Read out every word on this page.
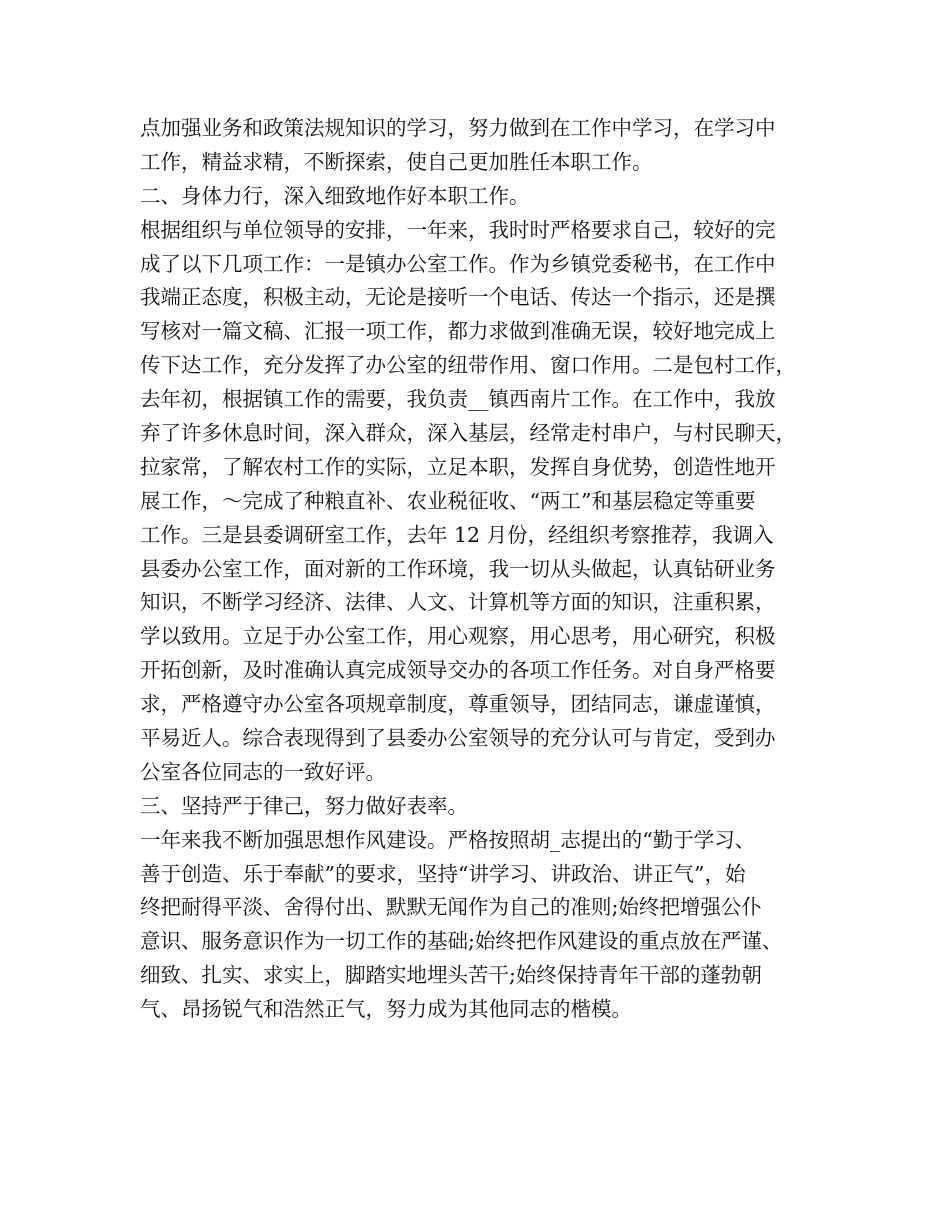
点加强业务和政策法规知识的学习，努力做到在工作中学习，在学习中
工作，精益求精，不断探索，使自己更加胜任本职工作。
二、身体力行，深入细致地作好本职工作。
根据组织与单位领导的安排，一年来，我时时严格要求自己，较好的完
成了以下几项工作：一是镇办公室工作。作为乡镇党委秘书，在工作中
我端正态度，积极主动，无论是接听一个电话、传达一个指示，还是撰
写核对一篇文稿、汇报一项工作，都力求做到准确无误，较好地完成上
传下达工作，充分发挥了办公室的纽带作用、窗口作用。二是包村工作，
去年初，根据镇工作的需要，我负责__镇西南片工作。在工作中，我放
弃了许多休息时间，深入群众，深入基层，经常走村串户，与村民聊天，
拉家常，了解农村工作的实际，立足本职，发挥自身优势，创造性地开
展工作，～完成了种粮直补、农业税征收、“两工”和基层稳定等重要
工作。三是县委调研室工作，去年 12 月份，经组织考察推荐，我调入
县委办公室工作，面对新的工作环境，我一切从头做起，认真钻研业务
知识，不断学习经济、法律、人文、计算机等方面的知识，注重积累，
学以致用。立足于办公室工作，用心观察，用心思考，用心研究，积极
开拓创新，及时准确认真完成领导交办的各项工作任务。对自身严格要
求，严格遵守办公室各项规章制度，尊重领导，团结同志，谦虚谨慎，
平易近人。综合表现得到了县委办公室领导的充分认可与肯定，受到办
公室各位同志的一致好评。
三、坚持严于律己，努力做好表率。
一年来我不断加强思想作风建设。严格按照胡_志提出的“勤于学习、
善于创造、乐于奉献”的要求，坚持“讲学习、讲政治、讲正气”，始
终把耐得平淡、舍得付出、默默无闻作为自己的准则;始终把增强公仆
意识、服务意识作为一切工作的基础;始终把作风建设的重点放在严谨、
细致、扎实、求实上，脚踏实地埋头苦干;始终保持青年干部的蓬勃朝
气、昂扬锐气和浩然正气，努力成为其他同志的楷模。
